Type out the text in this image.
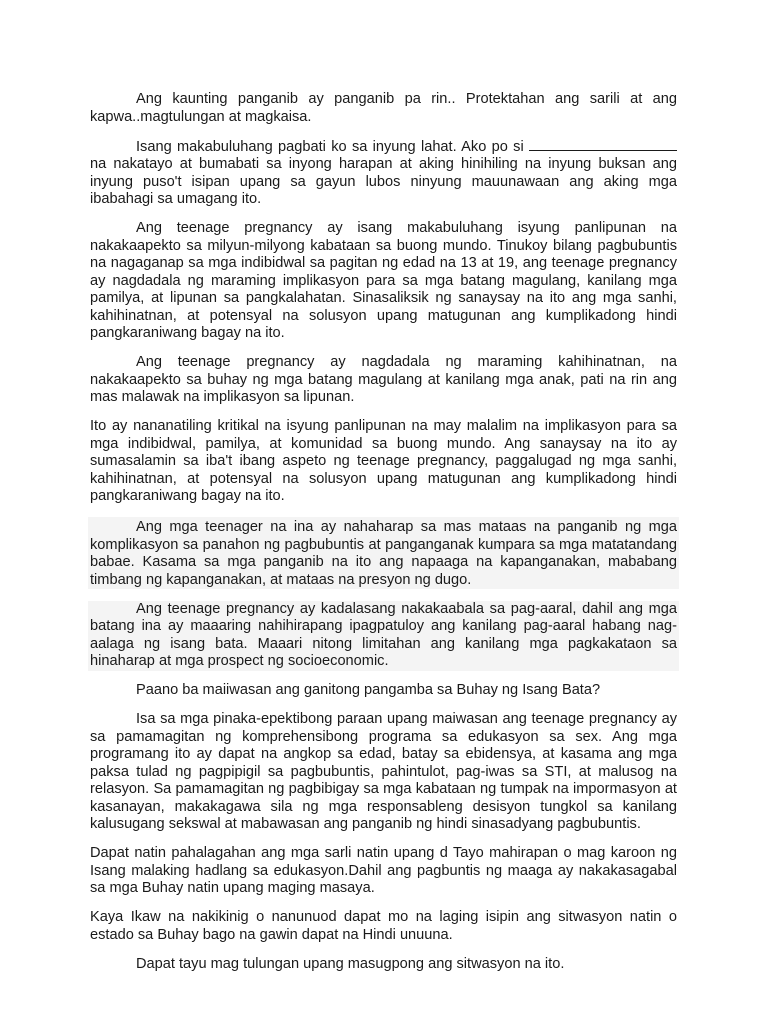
Ang kaunting panganib ay panganib pa rin.. Protektahan ang sarili at ang kapwa..magtulungan at magkaisa.

Isang makabuluhang pagbati ko sa inyung lahat. Ako po si  na nakatayo at bumabati sa inyong harapan at aking hinihiling na inyung buksan ang inyung puso't isipan upang sa gayun lubos ninyung mauunawaan ang aking mga ibabahagi sa umagang ito.

Ang teenage pregnancy ay isang makabuluhang isyung panlipunan na nakakaapekto sa milyun-milyong kabataan sa buong mundo. Tinukoy bilang pagbubuntis na nagaganap sa mga indibidwal sa pagitan ng edad na 13 at 19, ang teenage pregnancy ay nagdadala ng maraming implikasyon para sa mga batang magulang, kanilang mga pamilya, at lipunan sa pangkalahatan. Sinasaliksik ng sanaysay na ito ang mga sanhi, kahihinatnan, at potensyal na solusyon upang matugunan ang kumplikadong hindi pangkaraniwang bagay na ito.

Ang teenage pregnancy ay nagdadala ng maraming kahihinatnan, na nakakaapekto sa buhay ng mga batang magulang at kanilang mga anak, pati na rin ang mas malawak na implikasyon sa lipunan.

Ito ay nananatiling kritikal na isyung panlipunan na may malalim na implikasyon para sa mga indibidwal, pamilya, at komunidad sa buong mundo. Ang sanaysay na ito ay sumasalamin sa iba't ibang aspeto ng teenage pregnancy, paggalugad ng mga sanhi, kahihinatnan, at potensyal na solusyon upang matugunan ang kumplikadong hindi pangkaraniwang bagay na ito.

Ang mga teenager na ina ay nahaharap sa mas mataas na panganib ng mga komplikasyon sa panahon ng pagbubuntis at panganganak kumpara sa mga matatandang babae. Kasama sa mga panganib na ito ang napaaga na kapanganakan, mababang timbang ng kapanganakan, at mataas na presyon ng dugo.

Ang teenage pregnancy ay kadalasang nakakaabala sa pag-aaral, dahil ang mga batang ina ay maaaring nahihirapang ipagpatuloy ang kanilang pag-aaral habang nag-aalaga ng isang bata. Maaari nitong limitahan ang kanilang mga pagkakataon sa hinaharap at mga prospect ng socioeconomic.

Paano ba maiiwasan ang ganitong pangamba sa Buhay ng Isang Bata?

Isa sa mga pinaka-epektibong paraan upang maiwasan ang teenage pregnancy ay sa pamamagitan ng komprehensibong programa sa edukasyon sa sex. Ang mga programang ito ay dapat na angkop sa edad, batay sa ebidensya, at kasama ang mga paksa tulad ng pagpipigil sa pagbubuntis, pahintulot, pag-iwas sa STI, at malusog na relasyon. Sa pamamagitan ng pagbibigay sa mga kabataan ng tumpak na impormasyon at kasanayan, makakagawa sila ng mga responsableng desisyon tungkol sa kanilang kalusugang sekswal at mabawasan ang panganib ng hindi sinasadyang pagbubuntis.

Dapat natin pahalagahan ang mga sarli natin upang d Tayo mahirapan o mag karoon ng Isang malaking hadlang sa edukasyon.Dahil ang pagbuntis ng maaga ay nakakasagabal sa mga Buhay natin upang maging masaya.

Kaya Ikaw na nakikinig o nanunuod dapat mo na laging isipin ang sitwasyon natin o estado sa Buhay bago na gawin dapat na Hindi unuuna.

Dapat tayu mag tulungan upang masugpong ang sitwasyon na ito.
